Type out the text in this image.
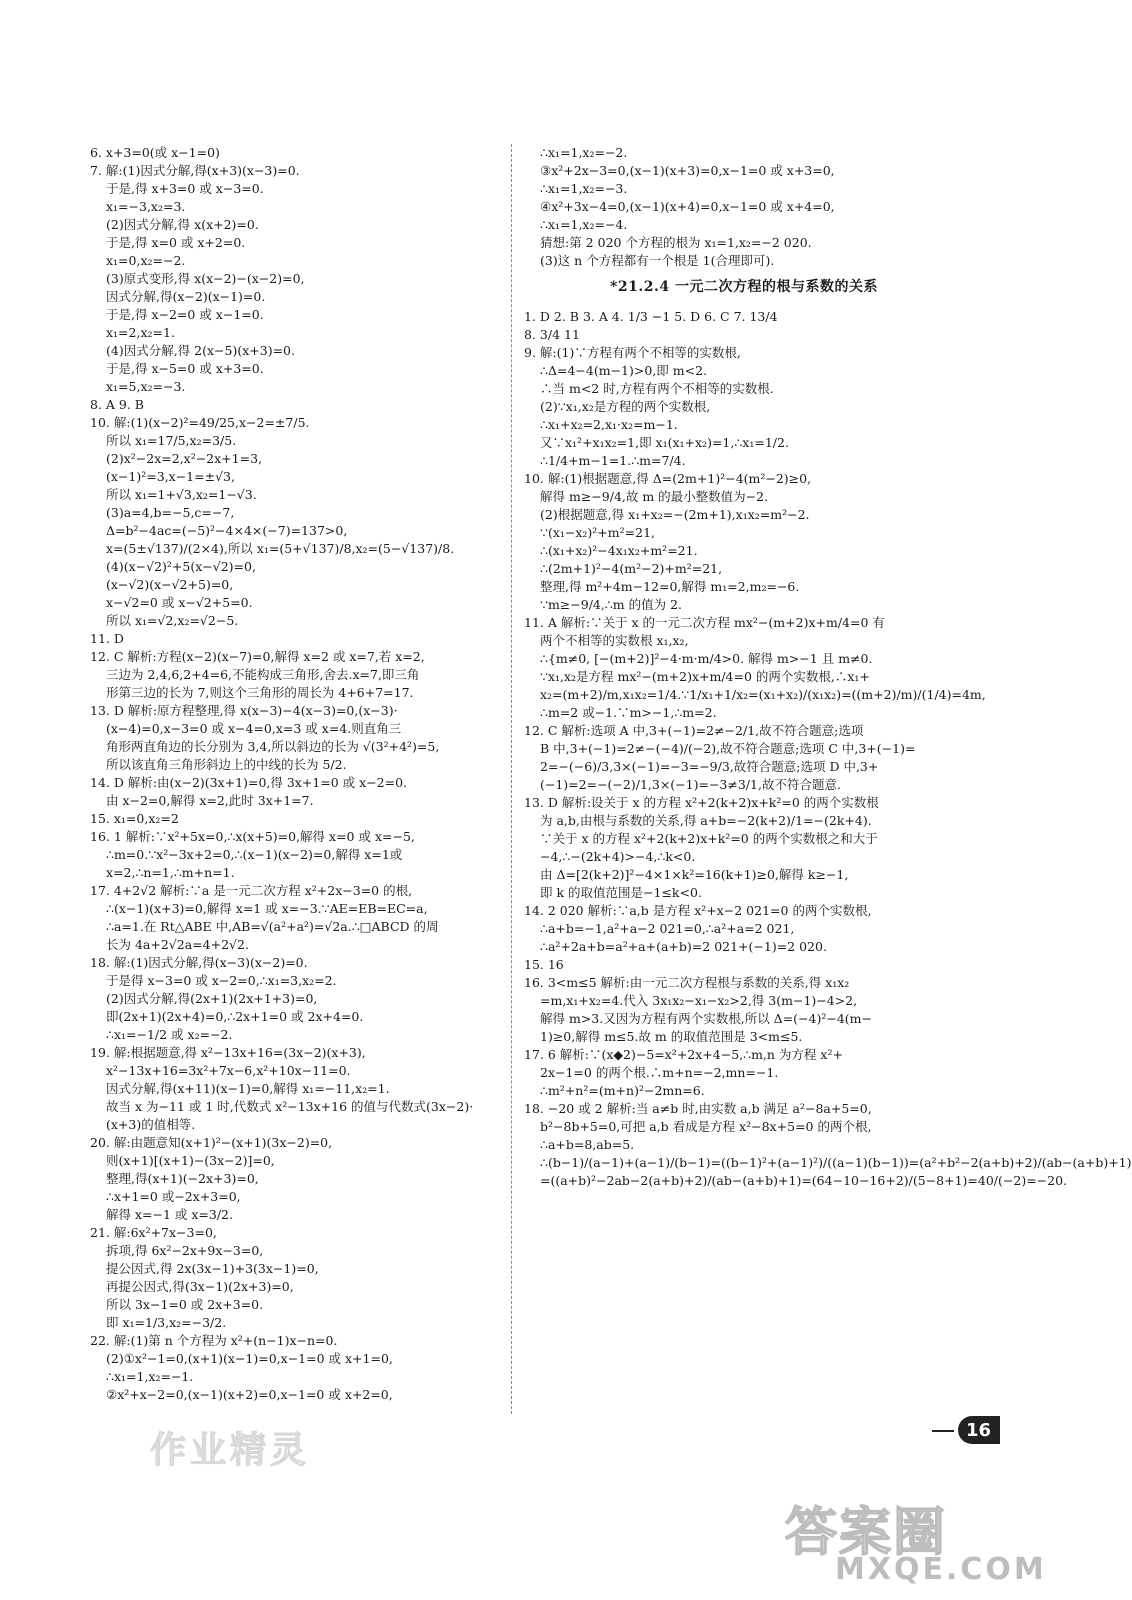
6. x+3=0(或 x−1=0)
7. 解:(1)因式分解,得(x+3)(x−3)=0.
于是,得 x+3=0 或 x−3=0.
x₁=−3,x₂=3.
(2)因式分解,得 x(x+2)=0.
于是,得 x=0 或 x+2=0.
x₁=0,x₂=−2.
(3)原式变形,得 x(x−2)−(x−2)=0,
因式分解,得(x−2)(x−1)=0.
于是,得 x−2=0 或 x−1=0.
x₁=2,x₂=1.
(4)因式分解,得 2(x−5)(x+3)=0.
于是,得 x−5=0 或 x+3=0.
x₁=5,x₂=−3.
8. A 9. B
10. 解:(1)(x−2)²=49/25,x−2=±7/5.
所以 x₁=17/5,x₂=3/5.
(2)x²−2x=2,x²−2x+1=3,
(x−1)²=3,x−1=±√3,
所以 x₁=1+√3,x₂=1−√3.
(3)a=4,b=−5,c=−7,
Δ=b²−4ac=(−5)²−4×4×(−7)=137>0,
x=(5±√137)/(2×4),所以 x₁=(5+√137)/8,x₂=(5−√137)/8.
(4)(x−√2)²+5(x−√2)=0,
(x−√2)(x−√2+5)=0,
x−√2=0 或 x−√2+5=0.
所以 x₁=√2,x₂=√2−5.
11. D
12. C 解析:方程(x−2)(x−7)=0,解得 x=2 或 x=7,若 x=2,
三边为 2,4,6,2+4=6,不能构成三角形,舍去.x=7,即三角
形第三边的长为 7,则这个三角形的周长为 4+6+7=17.
13. D 解析:原方程整理,得 x(x−3)−4(x−3)=0,(x−3)·
(x−4)=0,x−3=0 或 x−4=0,x=3 或 x=4.则直角三
角形两直角边的长分别为 3,4,所以斜边的长为 √(3²+4²)=5,
所以该直角三角形斜边上的中线的长为 5/2.
14. D 解析:由(x−2)(3x+1)=0,得 3x+1=0 或 x−2=0.
由 x−2=0,解得 x=2,此时 3x+1=7.
15. x₁=0,x₂=2
16. 1 解析:∵x²+5x=0,∴x(x+5)=0,解得 x=0 或 x=−5,
∴m=0.∵x²−3x+2=0,∴(x−1)(x−2)=0,解得 x=1或
x=2,∴n=1,∴m+n=1.
17. 4+2√2 解析:∵a 是一元二次方程 x²+2x−3=0 的根,
∴(x−1)(x+3)=0,解得 x=1 或 x=−3.∵AE=EB=EC=a,
∴a=1.在 Rt△ABE 中,AB=√(a²+a²)=√2a.∴□ABCD 的周
长为 4a+2√2a=4+2√2.
18. 解:(1)因式分解,得(x−3)(x−2)=0.
于是得 x−3=0 或 x−2=0,∴x₁=3,x₂=2.
(2)因式分解,得(2x+1)(2x+1+3)=0,
即(2x+1)(2x+4)=0,∴2x+1=0 或 2x+4=0.
∴x₁=−1/2 或 x₂=−2.
19. 解:根据题意,得 x²−13x+16=(3x−2)(x+3),
x²−13x+16=3x²+7x−6,x²+10x−11=0.
因式分解,得(x+11)(x−1)=0,解得 x₁=−11,x₂=1.
故当 x 为−11 或 1 时,代数式 x²−13x+16 的值与代数式(3x−2)·
(x+3)的值相等.
20. 解:由题意知(x+1)²−(x+1)(3x−2)=0,
则(x+1)[(x+1)−(3x−2)]=0,
整理,得(x+1)(−2x+3)=0,
∴x+1=0 或−2x+3=0,
解得 x=−1 或 x=3/2.
21. 解:6x²+7x−3=0,
拆项,得 6x²−2x+9x−3=0,
提公因式,得 2x(3x−1)+3(3x−1)=0,
再提公因式,得(3x−1)(2x+3)=0,
所以 3x−1=0 或 2x+3=0.
即 x₁=1/3,x₂=−3/2.
22. 解:(1)第 n 个方程为 x²+(n−1)x−n=0.
(2)①x²−1=0,(x+1)(x−1)=0,x−1=0 或 x+1=0,
∴x₁=1,x₂=−1.
②x²+x−2=0,(x−1)(x+2)=0,x−1=0 或 x+2=0,
∴x₁=1,x₂=−2.
③x²+2x−3=0,(x−1)(x+3)=0,x−1=0 或 x+3=0,
∴x₁=1,x₂=−3.
④x²+3x−4=0,(x−1)(x+4)=0,x−1=0 或 x+4=0,
∴x₁=1,x₂=−4.
猜想:第 2 020 个方程的根为 x₁=1,x₂=−2 020.
(3)这 n 个方程都有一个根是 1(合理即可).
*21.2.4 一元二次方程的根与系数的关系
1. D 2. B 3. A 4. 1/3 −1 5. D 6. C 7. 13/4
8. 3/4 11
9. 解:(1)∵方程有两个不相等的实数根,
∴Δ=4−4(m−1)>0,即 m<2.
∴当 m<2 时,方程有两个不相等的实数根.
(2)∵x₁,x₂是方程的两个实数根,
∴x₁+x₂=2,x₁·x₂=m−1.
又∵x₁²+x₁x₂=1,即 x₁(x₁+x₂)=1,∴x₁=1/2.
∴1/4+m−1=1.∴m=7/4.
10. 解:(1)根据题意,得 Δ=(2m+1)²−4(m²−2)≥0,
解得 m≥−9/4,故 m 的最小整数值为−2.
(2)根据题意,得 x₁+x₂=−(2m+1),x₁x₂=m²−2.
∵(x₁−x₂)²+m²=21,
∴(x₁+x₂)²−4x₁x₂+m²=21.
∴(2m+1)²−4(m²−2)+m²=21,
整理,得 m²+4m−12=0,解得 m₁=2,m₂=−6.
∵m≥−9/4,∴m 的值为 2.
11. A 解析:∵关于 x 的一元二次方程 mx²−(m+2)x+m/4=0 有
两个不相等的实数根 x₁,x₂,
∴{m≠0, [−(m+2)]²−4·m·m/4>0. 解得 m>−1 且 m≠0.
∵x₁,x₂是方程 mx²−(m+2)x+m/4=0 的两个实数根,∴x₁+
x₂=(m+2)/m,x₁x₂=1/4.∵1/x₁+1/x₂=(x₁+x₂)/(x₁x₂)=((m+2)/m)/(1/4)=4m,
∴m=2 或−1.∵m>−1,∴m=2.
12. C 解析:选项 A 中,3+(−1)=2≠−2/1,故不符合题意;选项
B 中,3+(−1)=2≠−(−4)/(−2),故不符合题意;选项 C 中,3+(−1)=
2=−(−6)/3,3×(−1)=−3=−9/3,故符合题意;选项 D 中,3+
(−1)=2=−(−2)/1,3×(−1)=−3≠3/1,故不符合题意.
13. D 解析:设关于 x 的方程 x²+2(k+2)x+k²=0 的两个实数根
为 a,b,由根与系数的关系,得 a+b=−2(k+2)/1=−(2k+4).
∵关于 x 的方程 x²+2(k+2)x+k²=0 的两个实数根之和大于
−4,∴−(2k+4)>−4,∴k<0.
由 Δ=[2(k+2)]²−4×1×k²=16(k+1)≥0,解得 k≥−1,
即 k 的取值范围是−1≤k<0.
14. 2 020 解析:∵a,b 是方程 x²+x−2 021=0 的两个实数根,
∴a+b=−1,a²+a−2 021=0,∴a²+a=2 021,
∴a²+2a+b=a²+a+(a+b)=2 021+(−1)=2 020.
15. 16
16. 3<m≤5 解析:由一元二次方程根与系数的关系,得 x₁x₂
=m,x₁+x₂=4.代入 3x₁x₂−x₁−x₂>2,得 3(m−1)−4>2,
解得 m>3.又因为方程有两个实数根,所以 Δ=(−4)²−4(m−
1)≥0,解得 m≤5.故 m 的取值范围是 3<m≤5.
17. 6 解析:∵(x◆2)−5=x²+2x+4−5,∴m,n 为方程 x²+
2x−1=0 的两个根.∴m+n=−2,mn=−1.
∴m²+n²=(m+n)²−2mn=6.
18. −20 或 2 解析:当 a≠b 时,由实数 a,b 满足 a²−8a+5=0,
b²−8b+5=0,可把 a,b 看成是方程 x²−8x+5=0 的两个根,
∴a+b=8,ab=5.
∴(b−1)/(a−1)+(a−1)/(b−1)=((b−1)²+(a−1)²)/((a−1)(b−1))=(a²+b²−2(a+b)+2)/(ab−(a+b)+1)
=((a+b)²−2ab−2(a+b)+2)/(ab−(a+b)+1)=(64−10−16+2)/(5−8+1)=40/(−2)=−20.
16
作业精灵
答案圈
MXQE.COM
